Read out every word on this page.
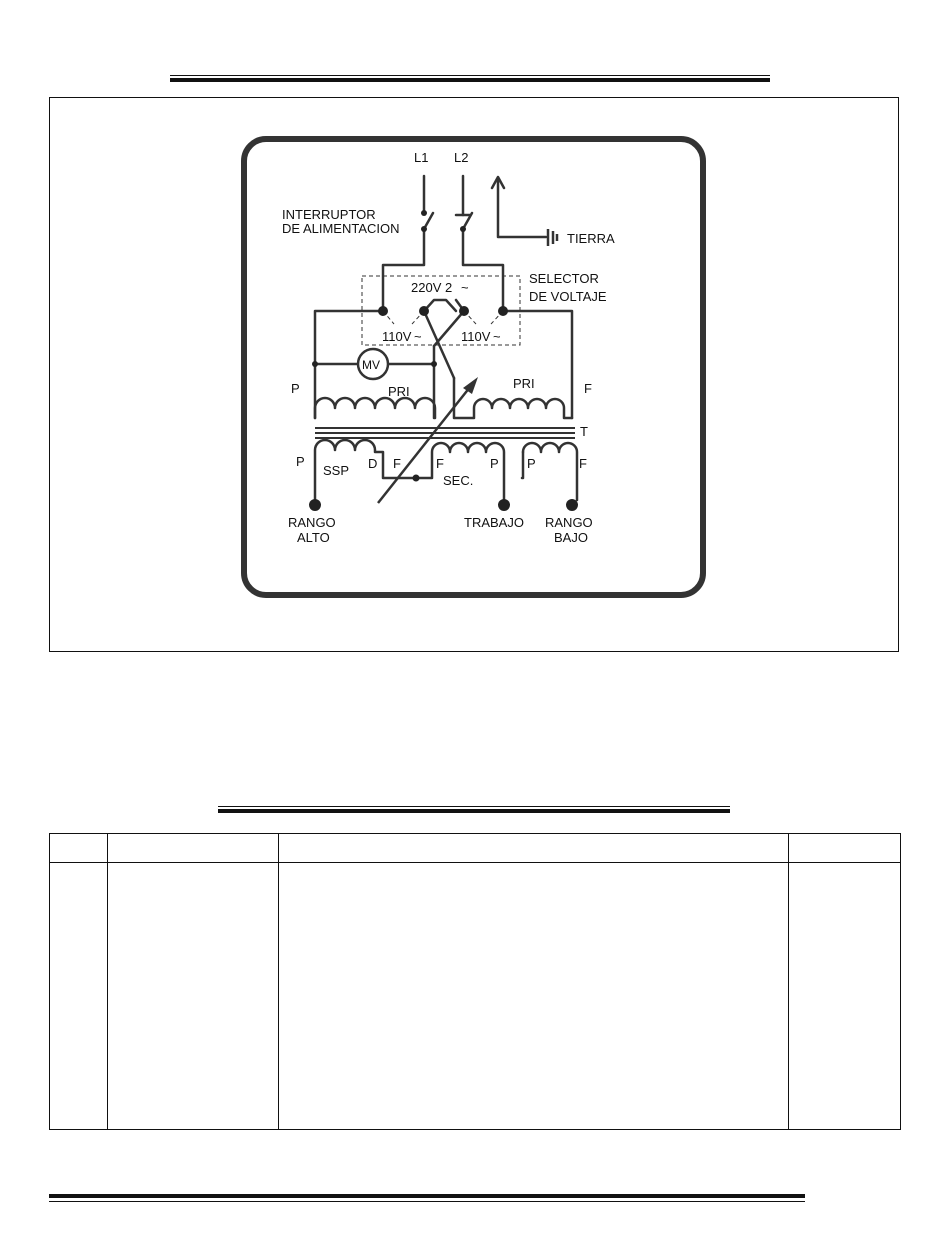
L1 L2
INTERRUPTOR
DE ALIMENTACION
TIERRA
SELECTOR
DE VOLTAJE
220V 2 ~
110V ~	110V ~
MV
PRI
PRI
P	F
T
P
SSP D F	F	P
SEC.
P	F
RANGO
ALTO
TRABAJO RANGO
BAJO
